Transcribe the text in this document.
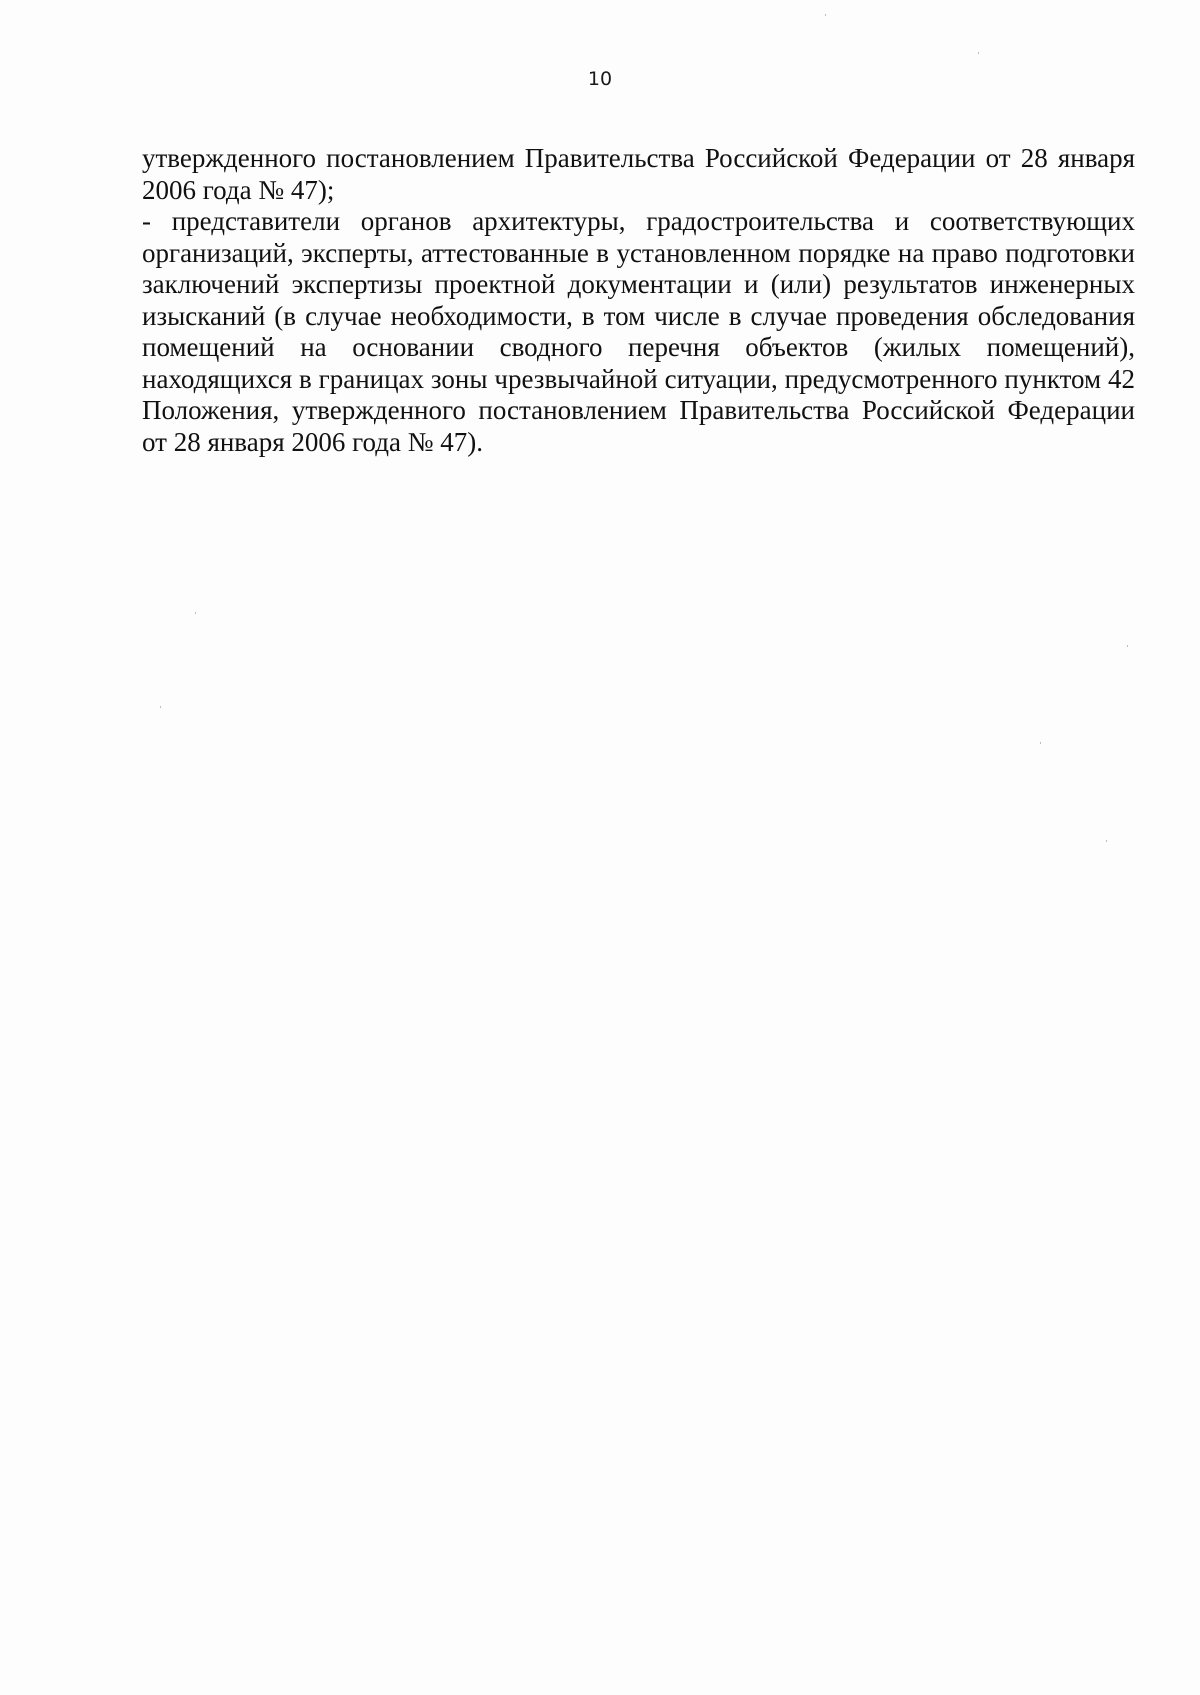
10

утвержденного постановлением Правительства Российской Федерации от 28 января 2006 года № 47);

- представители органов архитектуры, градостроительства и соответствующих организаций, эксперты, аттестованные в установленном порядке на право подготовки заключений экспертизы проектной документации и (или) результатов инженерных изысканий (в случае необходимости, в том числе в случае проведения обследования помещений на основании сводного перечня объектов (жилых помещений), находящихся в границах зоны чрезвычайной ситуации, предусмотренного пунктом 42 Положения, утвержденного постановлением Правительства Российской Федерации от 28 января 2006 года № 47).
